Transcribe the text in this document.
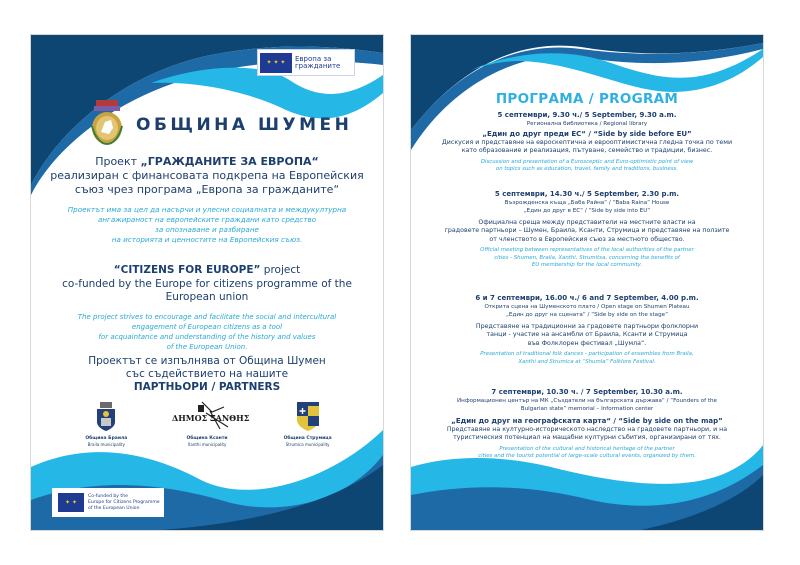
✦ ✦ ✦	Европа за
гражданите
ОБЩИНА ШУМЕН
Проект „ГРАЖДАНИТЕ ЗА ЕВРОПА“
реализиран с финансовата подкрепа на Европейския
съюз чрез програма „Европа за гражданите“
Проектът има за цел да насърчи и улесни социалната и междукултурна
ангажираност на европейските граждани като средство
за опознаване и разбиране
на историята и ценностите на Европейския съюз.
“CITIZENS FOR EUROPE” project
co-funded by the Europe for citizens programme of the
European union
The project strives to encourage and facilitate the social and intercultural
engagement of European citizens as a tool
for acquaintance and understanding of the history and values
of the European Union.
Проектът се изпълнява от Община Шумен
със съдействието на нашите
ПАРТНЬОРИ / PARTNERS
Община Браила
Braila municipality
ΔΗΜΟΣ ΞΑΝΘΗΣ
Община Ксанти
Xanthi municipality
Община Струмица
Strumica municipality
✦ ✦
Co-funded by the
Europe for Citizens Programme
of the European Union
ПРОГРАМА / PROGRAM
5 септември, 9.30 ч./ 5 September, 9.30 a.m.
Регионална библиотека / Regional library
„Един до друг преди ЕС“ / “Side by side before EU”
Дискусия и представяне на евроскептична и еврооптимистична гледна точка по теми
като образование и реализация, пътуване, семейство и традиции, бизнес.
Discussion and presentation of a Eurosceptic and Euro-optimistic point of view
on topics such as education, travel, family and traditions, business.
5 септември, 14.30 ч./ 5 September, 2.30 p.m.
Възрожденска къща „Баба Райна“ / “Baba Raina” House
„Един до друг в ЕС“ / “Side by side into EU”
Официална среща между представители на местните власти на
градовете партньори – Шумен, Браила, Ксанти, Струмица и представяне на ползите
от членството в Европейския съюз за местното общество.
Official meeting between representatives of the local authorities of the partner
cities - Shumen, Braila, Xanthi, Strumitsa, concerning the benefits of
EU membership for the local community.
6 и 7 септември, 16.00 ч./ 6 and 7 September, 4.00 p.m.
Открита сцена на Шуменското плато / Open stage on Shumen Plateau
„Един до друг на сцената“ / “Side by side on the stage”
Представяне на традиционни за градовете партньори фолклорни
танци - участие на ансамбли от Браила, Ксанти и Струмица
във Фолклорен фестивал „Шумла“.
Presentation of traditional folk dances - participation of ensembles from Braila,
Xanthi and Strumica at “Shumla” Folklore Festival.
7 септември, 10.30 ч. / 7 September, 10.30 a.m.
Информационен център на МК „Създатели на българската държава“ / “Founders of the
Bulgarian state” memorial – Information center
„Един до друг на географската карта“ / “Side by side on the map”
Представяне на културно-историческото наследство на градовете партньори, и на
туристическия потенциал на мащабни културни събития, организирани от тях.
Presentation of the cultural and historical heritage of the partner
cities and the tourist potential of large-scale cultural events, organized by them.
